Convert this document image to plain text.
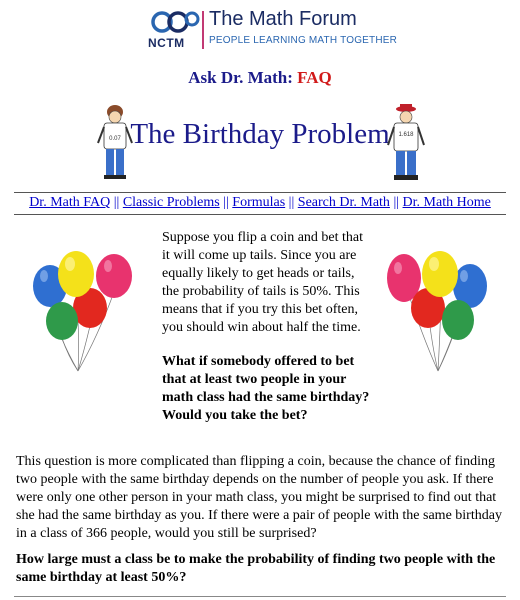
NCTM
The Math Forum
PEOPLE LEARNING MATH TOGETHER
Ask Dr. Math: FAQ
0.07 The Birthday Problem	1.618
Dr. Math FAQ || Classic Problems || Formulas || Search Dr. Math || Dr. Math Home

Suppose you flip a coin and bet that it will come up tails. Since you are equally likely to get heads or tails, the probability of tails is 50%. This means that if you try this bet often, you should win about half the time.

What if somebody offered to bet that at least two people in your math class had the same birthday? Would you take the bet?

This question is more complicated than flipping a coin, because the chance of finding two people with the same birthday depends on the number of people you ask. If there were only one other person in your math class, you might be surprised to find out that she had the same birthday as you. If there were a pair of people with the same birthday in a class of 366 people, would you still be surprised?

How large must a class be to make the probability of finding two people with the same birthday at least 50%?
